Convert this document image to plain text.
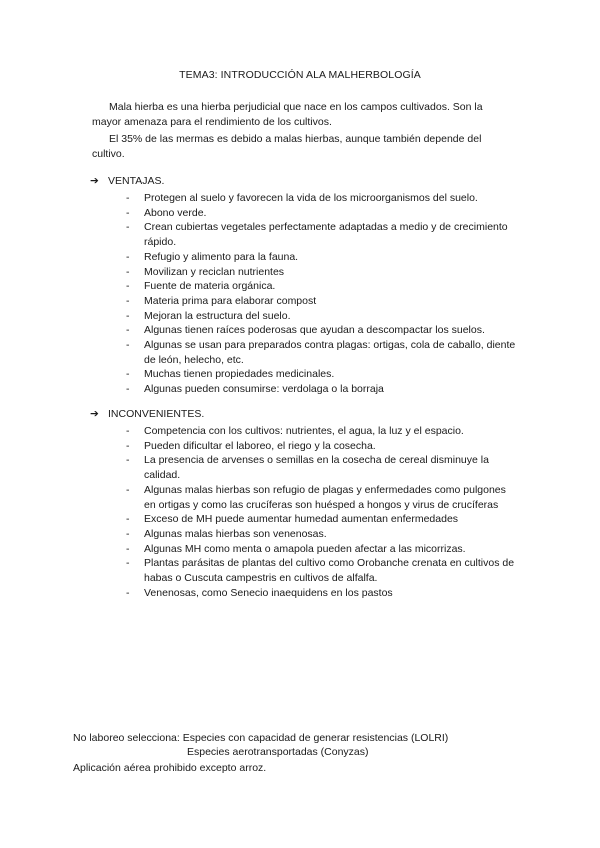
TEMA3: INTRODUCCIÓN ALA MALHERBOLOGÍA

Mala hierba es una hierba perjudicial que nace en los campos cultivados. Son la mayor amenaza para el rendimiento de los cultivos.

El 35% de las mermas es debido a malas hierbas, aunque también depende del cultivo.

➔ VENTAJAS.
- Protegen al suelo y favorecen la vida de los microorganismos del suelo.
- Abono verde.
- Crean cubiertas vegetales perfectamente adaptadas a medio y de crecimiento rápido.
- Refugio y alimento para la fauna.
- Movilizan y reciclan nutrientes
- Fuente de materia orgánica.
- Materia prima para elaborar compost
- Mejoran la estructura del suelo.
- Algunas tienen raíces poderosas que ayudan a descompactar los suelos.
- Algunas se usan para preparados contra plagas: ortigas, cola de caballo, diente de león, helecho, etc.
- Muchas tienen propiedades medicinales.
- Algunas pueden consumirse: verdolaga o la borraja
➔ INCONVENIENTES.
- Competencia con los cultivos: nutrientes, el agua, la luz y el espacio.
- Pueden dificultar el laboreo, el riego y la cosecha.
- La presencia de arvenses o semillas en la cosecha de cereal disminuye la calidad.
- Algunas malas hierbas son refugio de plagas y enfermedades como pulgones en ortigas y como las crucíferas son huésped a hongos y virus de crucíferas
- Exceso de MH puede aumentar humedad aumentan enfermedades
- Algunas malas hierbas son venenosas.
- Algunas MH como menta o amapola pueden afectar a las micorrizas.
- Plantas parásitas de plantas del cultivo como Orobanche crenata en cultivos de habas o Cuscuta campestris en cultivos de alfalfa.
- Venenosas, como Senecio inaequidens en los pastos
No laboreo selecciona: Especies con capacidad de generar resistencias (LOLRI)
Especies aerotransportadas (Conyzas)
Aplicación aérea prohibido excepto arroz.
